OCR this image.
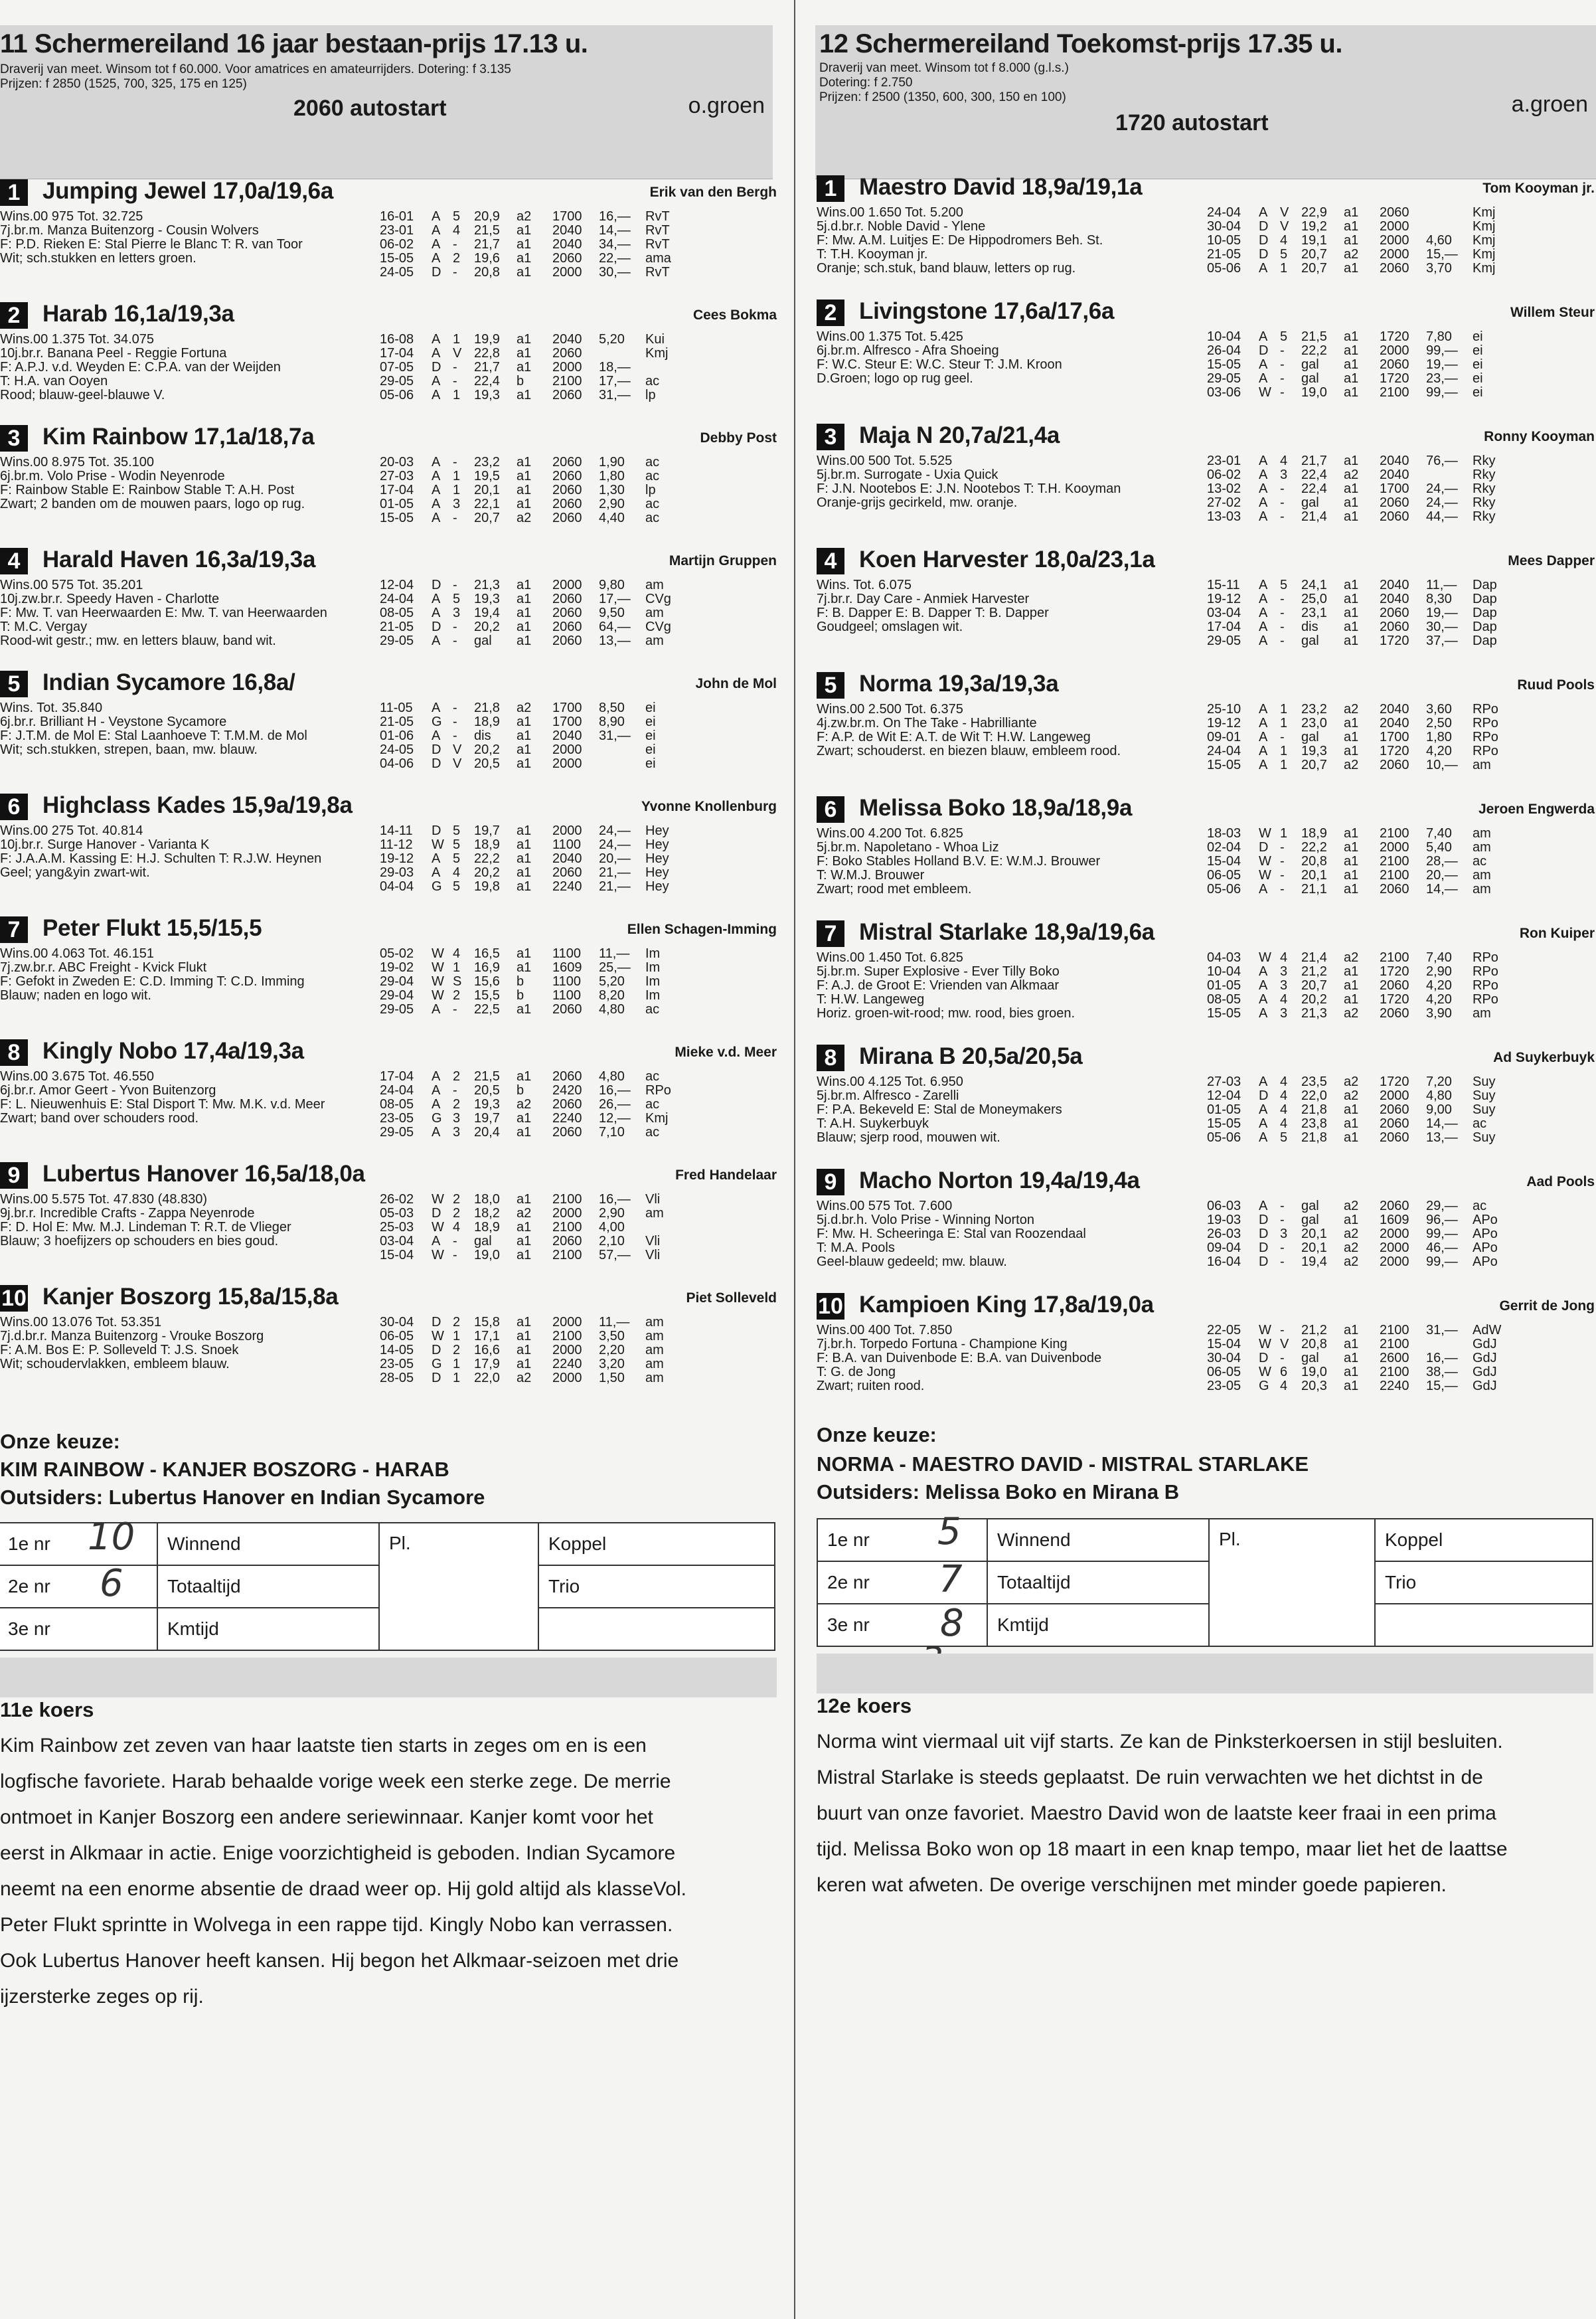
11 Schermereiland 16 jaar bestaan-prijs 17.13 u.
Draverij van meet. Winsom tot f 60.000. Voor amatrices en amateurrijders. Dotering: f 3.135
Prijzen: f 2850 (1525, 700, 325, 175 en 125)
2060 autostart	o.groen
1 Jumping Jewel 17,0a/19,6a	Erik van den Bergh
Wins.00 975 Tot. 32.725
7j.br.m. Manza Buitenzorg - Cousin Wolvers
F: P.D. Rieken E: Stal Pierre le Blanc T: R. van Toor
Wit; sch.stukken en letters groen.
16-01 A 5 20,9 a2 1700 16,— RvT
23-01 A 4 21,5 a1 2040 14,— RvT
06-02 A - 21,7 a1 2040 34,— RvT
15-05 A 2 19,6 a1 2060 22,— ama
24-05 D - 20,8 a1 2000 30,— RvT
2 Harab 16,1a/19,3a	Cees Bokma
Wins.00 1.375 Tot. 34.075
10j.br.r. Banana Peel - Reggie Fortuna
F: A.P.J. v.d. Weyden E: C.P.A. van der Weijden
T: H.A. van Ooyen
Rood; blauw-geel-blauwe V.
16-08 A 1 19,9 a1 2040 5,20 Kui
17-04 A V 22,8 a1 2060	Kmj
07-05 D - 21,7 a1 2000 18,—
29-05 A - 22,4 b 2100 17,— ac
05-06 A 1 19,3 a1 2060 31,— lp
3 Kim Rainbow 17,1a/18,7a	Debby Post
Wins.00 8.975 Tot. 35.100
6j.br.m. Volo Prise - Wodin Neyenrode
F: Rainbow Stable E: Rainbow Stable T: A.H. Post
Zwart; 2 banden om de mouwen paars, logo op rug.
20-03 A - 23,2 a1 2060 1,90 ac
27-03 A 1 19,5 a1 2060 1,80 ac
17-04 A 1 20,1 a1 2060 1,30 lp
01-05 A 3 22,1 a1 2060 2,90 ac
15-05 A - 20,7 a2 2060 4,40 ac
4 Harald Haven 16,3a/19,3a	Martijn Gruppen
Wins.00 575 Tot. 35.201
10j.zw.br.r. Speedy Haven - Charlotte
F: Mw. T. van Heerwaarden E: Mw. T. van Heerwaarden
T: M.C. Vergay
Rood-wit gestr.; mw. en letters blauw, band wit.
12-04 D - 21,3 a1 2000 9,80 am
24-04 A 5 19,3 a1 2060 17,— CVg
08-05 A 3 19,4 a1 2060 9,50 am
21-05 D - 20,2 a1 2060 64,— CVg
29-05 A - gal a1 2060 13,— am
5 Indian Sycamore 16,8a/	John de Mol
Wins. Tot. 35.840
6j.br.r. Brilliant H - Veystone Sycamore
F: J.T.M. de Mol E: Stal Laanhoeve T: T.M.M. de Mol
Wit; sch.stukken, strepen, baan, mw. blauw.
11-05 A - 21,8 a2 1700 8,50 ei
21-05 G - 18,9 a1 1700 8,90 ei
01-06 A - dis a1 2040 31,— ei
24-05 D V 20,2 a1 2000	ei
04-06 D V 20,5 a1 2000	ei
6 Highclass Kades 15,9a/19,8a	Yvonne Knollenburg
Wins.00 275 Tot. 40.814
10j.br.r. Surge Hanover - Varianta K
F: J.A.A.M. Kassing E: H.J. Schulten T: R.J.W. Heynen
Geel; yang&yin zwart-wit.
14-11 D 5 19,7 a1 2000 24,— Hey
11-12 W 5 18,9 a1 1100 24,— Hey
19-12 A 5 22,2 a1 2040 20,— Hey
29-03 A 4 20,2 a1 2060 21,— Hey
04-04 G 5 19,8 a1 2240 21,— Hey
7 Peter Flukt 15,5/15,5	Ellen Schagen-Imming
Wins.00 4.063 Tot. 46.151
7j.zw.br.r. ABC Freight - Kvick Flukt
F: Gefokt in Zweden E: C.D. Imming T: C.D. Imming
Blauw; naden en logo wit.
05-02 W 4 16,5 a1 1100 11,— Im
19-02 W 1 16,9 a1 1609 25,— Im
29-04 W S 15,6 b 1100 5,20 Im
29-04 W 2 15,5 b 1100 8,20 Im
29-05 A - 22,5 a1 2060 4,80 ac
8 Kingly Nobo 17,4a/19,3a	Mieke v.d. Meer
Wins.00 3.675 Tot. 46.550
6j.br.r. Amor Geert - Yvon Buitenzorg
F: L. Nieuwenhuis E: Stal Disport T: Mw. M.K. v.d. Meer
Zwart; band over schouders rood.
17-04 A 2 21,5 a1 2060 4,80 ac
24-04 A - 20,5 b 2420 16,— RPo
08-05 A 2 19,3 a2 2060 26,— ac
23-05 G 3 19,7 a1 2240 12,— Kmj
29-05 A 3 20,4 a1 2060 7,10 ac
9 Lubertus Hanover 16,5a/18,0a	Fred Handelaar
Wins.00 5.575 Tot. 47.830 (48.830)
9j.br.r. Incredible Crafts - Zappa Neyenrode
F: D. Hol E: Mw. M.J. Lindeman T: R.T. de Vlieger
Blauw; 3 hoefijzers op schouders en bies goud.
26-02 W 2 18,0 a1 2100 16,— Vli
05-03 D 2 18,2 a2 2000 2,90 am
25-03 W 4 18,9 a1 2100 4,00
03-04 A - gal a1 2060 2,10 Vli
15-04 W - 19,0 a1 2100 57,— Vli
10 Kanjer Boszorg 15,8a/15,8a	Piet Solleveld
Wins.00 13.076 Tot. 53.351
7j.d.br.r. Manza Buitenzorg - Vrouke Boszorg
F: A.M. Bos E: P. Solleveld T: J.S. Snoek
Wit; schoudervlakken, embleem blauw.
30-04 D 2 15,8 a1 2000 11,— am
06-05 W 1 17,1 a1 2100 3,50 am
14-05 D 2 16,6 a1 2000 2,20 am
23-05 G 1 17,9 a1 2240 3,20 am
28-05 D 1 22,0 a2 2000 1,50 am
Onze keuze:
KIM RAINBOW - KANJER BOSZORG - HARAB
Outsiders: Lubertus Hanover en Indian Sycamore
1e nr	Winnend	Pl.	Koppel
2e nr	Totaaltijd		Trio
3e nr	Kmtijd		
10
6
11e koers
Kim Rainbow zet zeven van haar laatste tien starts in zeges om en is een
logfische favoriete. Harab behaalde vorige week een sterke zege. De merrie
ontmoet in Kanjer Boszorg een andere seriewinnaar. Kanjer komt voor het
eerst in Alkmaar in actie. Enige voorzichtigheid is geboden. Indian Sycamore
neemt na een enorme absentie de draad weer op. Hij gold altijd als klasseVol.
Peter Flukt sprintte in Wolvega in een rappe tijd. Kingly Nobo kan verrassen.
Ook Lubertus Hanover heeft kansen. Hij begon het Alkmaar-seizoen met drie
ijzersterke zeges op rij.
12 Schermereiland Toekomst-prijs 17.35 u.
Draverij van meet. Winsom tot f 8.000 (g.l.s.)
Dotering: f 2.750
Prijzen: f 2500 (1350, 600, 300, 150 en 100)
1720 autostart
a.groen
1 Maestro David 18,9a/19,1a	Tom Kooyman jr.
Wins.00 1.650 Tot. 5.200
5j.d.br.r. Noble David - Ylene
F: Mw. A.M. Luitjes E: De Hippodromers Beh. St.
T: T.H. Kooyman jr.
Oranje; sch.stuk, band blauw, letters op rug.
24-04 A V 22,9 a1 2060	Kmj
30-04 D V 19,2 a1 2000	Kmj
10-05 D 4 19,1 a1 2000 4,60 Kmj
21-05 D 5 20,7 a2 2000 15,— Kmj
05-06 A 1 20,7 a1 2060 3,70 Kmj
2 Livingstone 17,6a/17,6a	Willem Steur
Wins.00 1.375 Tot. 5.425
6j.br.m. Alfresco - Afra Shoeing
F: W.C. Steur E: W.C. Steur T: J.M. Kroon
D.Groen; logo op rug geel.
10-04 A 5 21,5 a1 1720 7,80 ei
26-04 D - 22,2 a1 2000 99,— ei
15-05 A - gal a1 2060 19,— ei
29-05 A - gal a1 1720 23,— ei
03-06 W - 19,0 a1 2100 99,— ei
3 Maja N 20,7a/21,4a	Ronny Kooyman
Wins.00 500 Tot. 5.525
5j.br.m. Surrogate - Uxia Quick
F: J.N. Nootebos E: J.N. Nootebos T: T.H. Kooyman
Oranje-grijs gecirkeld, mw. oranje.
23-01 A 4 21,7 a1 2040 76,— Rky
06-02 A 3 22,4 a2 2040	Rky
13-02 A - 22,4 a1 1700 24,— Rky
27-02 A - gal a1 2060 24,— Rky
13-03 A - 21,4 a1 2060 44,— Rky
4 Koen Harvester 18,0a/23,1a	Mees Dapper
Wins. Tot. 6.075
7j.br.r. Day Care - Anmiek Harvester
F: B. Dapper E: B. Dapper T: B. Dapper
Goudgeel; omslagen wit.
15-11 A 5 24,1 a1 2040 11,— Dap
19-12 A - 25,0 a1 2040 8,30 Dap
03-04 A - 23,1 a1 2060 19,— Dap
17-04 A - dis a1 2060 30,— Dap
29-05 A - gal a1 1720 37,— Dap
5 Norma 19,3a/19,3a	Ruud Pools
Wins.00 2.500 Tot. 6.375
4j.zw.br.m. On The Take - Habrilliante
F: A.P. de Wit E: A.T. de Wit T: H.W. Langeweg
Zwart; schouderst. en biezen blauw, embleem rood.
25-10 A 1 23,2 a2 2040 3,60 RPo
19-12 A 1 23,0 a1 2040 2,50 RPo
09-01 A - gal a1 1700 1,80 RPo
24-04 A 1 19,3 a1 1720 4,20 RPo
15-05 A 1 20,7 a2 2060 10,— am
6 Melissa Boko 18,9a/18,9a	Jeroen Engwerda
Wins.00 4.200 Tot. 6.825
5j.br.m. Napoletano - Whoa Liz
F: Boko Stables Holland B.V. E: W.M.J. Brouwer
T: W.M.J. Brouwer
Zwart; rood met embleem.
18-03 W 1 18,9 a1 2100 7,40 am
02-04 D - 22,2 a1 2000 5,40 am
15-04 W - 20,8 a1 2100 28,— ac
06-05 W - 20,1 a1 2100 20,— am
05-06 A - 21,1 a1 2060 14,— am
7 Mistral Starlake 18,9a/19,6a	Ron Kuiper
Wins.00 1.450 Tot. 6.825
5j.br.m. Super Explosive - Ever Tilly Boko
F: A.J. de Groot E: Vrienden van Alkmaar
T: H.W. Langeweg
Horiz. groen-wit-rood; mw. rood, bies groen.
04-03 W 4 21,4 a2 2100 7,40 RPo
10-04 A 3 21,2 a1 1720 2,90 RPo
01-05 A 3 20,7 a1 2060 4,20 RPo
08-05 A 4 20,2 a1 1720 4,20 RPo
15-05 A 3 21,3 a2 2060 3,90 am
8 Mirana B 20,5a/20,5a	Ad Suykerbuyk
Wins.00 4.125 Tot. 6.950
5j.br.m. Alfresco - Zarelli
F: P.A. Bekeveld E: Stal de Moneymakers
T: A.H. Suykerbuyk
Blauw; sjerp rood, mouwen wit.
27-03 A 4 23,5 a2 1720 7,20 Suy
12-04 D 4 22,0 a2 2000 4,80 Suy
01-05 A 4 21,8 a1 2060 9,00 Suy
15-05 A 4 23,8 a1 2060 14,— ac
05-06 A 5 21,8 a1 2060 13,— Suy
9 Macho Norton 19,4a/19,4a	Aad Pools
Wins.00 575 Tot. 7.600
5j.d.br.h. Volo Prise - Winning Norton
F: Mw. H. Scheeringa E: Stal van Roozendaal
T: M.A. Pools
Geel-blauw gedeeld; mw. blauw.
06-03 A - gal a2 2060 29,— ac
19-03 D - gal a1 1609 96,— APo
26-03 D 3 20,1 a2 2000 99,— APo
09-04 D - 20,1 a2 2000 46,— APo
16-04 D - 19,4 a2 2000 99,— APo
10 Kampioen King 17,8a/19,0a	Gerrit de Jong
Wins.00 400 Tot. 7.850
7j.br.h. Torpedo Fortuna - Champione King
F: B.A. van Duivenbode E: B.A. van Duivenbode
T: G. de Jong
Zwart; ruiten rood.
22-05 W - 21,2 a1 2100 31,— AdW
15-04 W V 20,8 a1 2100	GdJ
30-04 D - gal a1 2600 16,— GdJ
06-05 W 6 19,0 a1 2100 38,— GdJ
23-05 G 4 20,3 a1 2240 15,— GdJ
Onze keuze:
NORMA - MAESTRO DAVID - MISTRAL STARLAKE
Outsiders: Melissa Boko en Mirana B
1e nr	Winnend	Pl.	Koppel
2e nr	Totaaltijd		Trio
3e nr	Kmtijd		
5
7
8
12e koers
Norma wint viermaal uit vijf starts. Ze kan de Pinksterkoersen in stijl besluiten.
Mistral Starlake is steeds geplaatst. De ruin verwachten we het dichtst in de
buurt van onze favoriet. Maestro David won de laatste keer fraai in een prima
tijd. Melissa Boko won op 18 maart in een knap tempo, maar liet het de laattse
keren wat afweten. De overige verschijnen met minder goede papieren.
